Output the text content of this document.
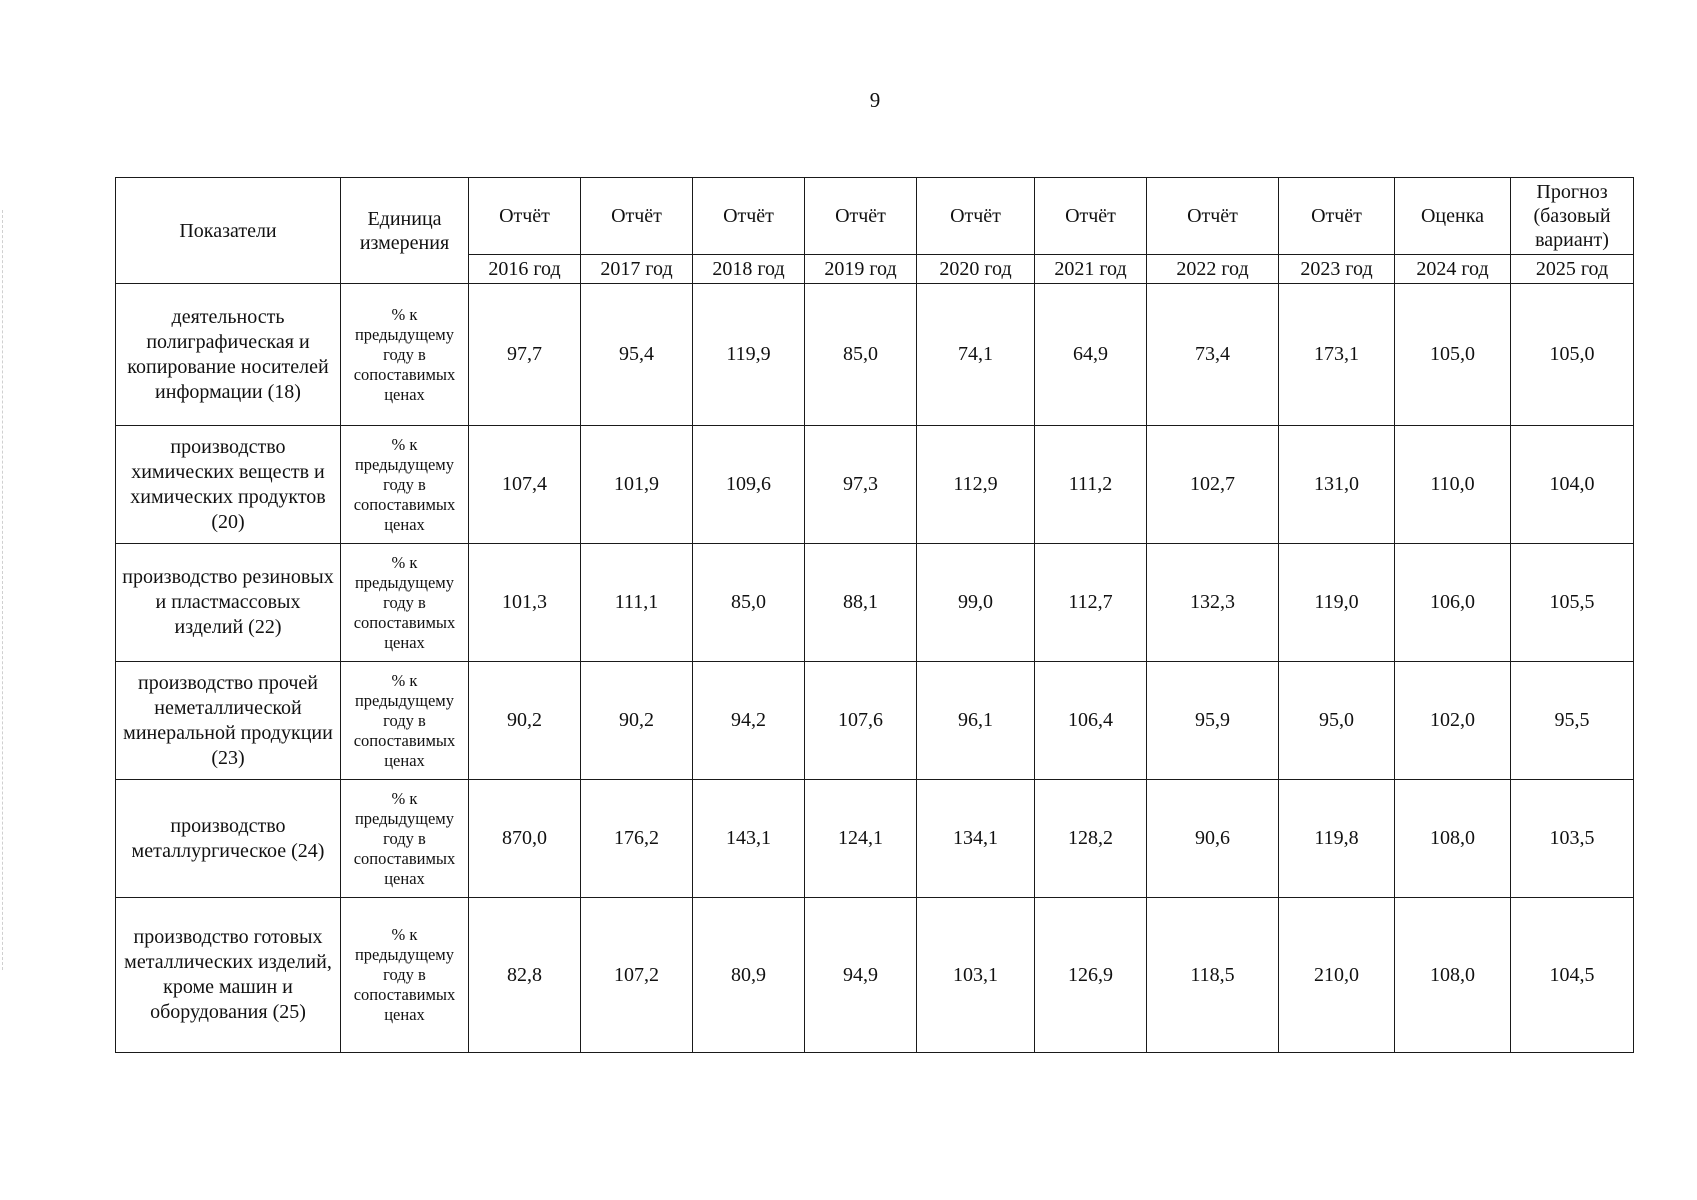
9
Показатели	Единица измерения	Отчёт	Отчёт	Отчёт	Отчёт	Отчёт	Отчёт	Отчёт	Отчёт	Оценка	Прогноз (базовый вариант)
		2016 год	2017 год	2018 год	2019 год	2020 год	2021 год	2022 год	2023 год	2024 год	2025 год
деятельность полиграфическая и копирование носителей информации (18)	% к предыдущему году в сопоставимых ценах	97,7	95,4	119,9	85,0	74,1	64,9	73,4	173,1	105,0	105,0
производство химических веществ и химических продуктов (20)	% к предыдущему году в сопоставимых ценах	107,4	101,9	109,6	97,3	112,9	111,2	102,7	131,0	110,0	104,0
производство резиновых и пластмассовых изделий (22)	% к предыдущему году в сопоставимых ценах	101,3	111,1	85,0	88,1	99,0	112,7	132,3	119,0	106,0	105,5
производство прочей неметаллической минеральной продукции (23)	% к предыдущему году в сопоставимых ценах	90,2	90,2	94,2	107,6	96,1	106,4	95,9	95,0	102,0	95,5
производство металлургическое (24)	% к предыдущему году в сопоставимых ценах	870,0	176,2	143,1	124,1	134,1	128,2	90,6	119,8	108,0	103,5
производство готовых металлических изделий, кроме машин и оборудования (25)	% к предыдущему году в сопоставимых ценах	82,8	107,2	80,9	94,9	103,1	126,9	118,5	210,0	108,0	104,5
